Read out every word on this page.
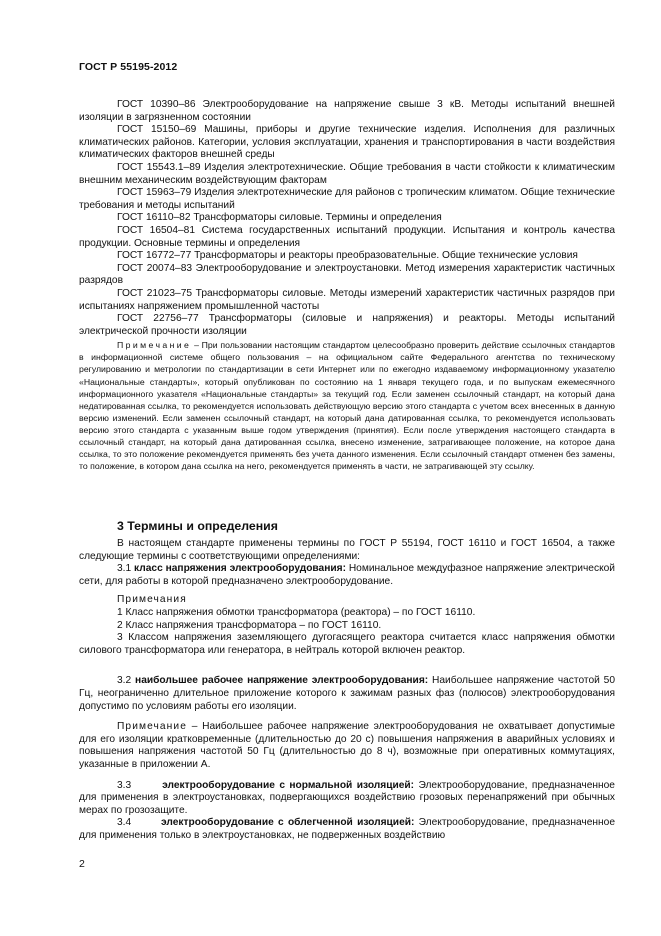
ГОСТ Р 55195-2012

ГОСТ 10390–86 Электрооборудование на напряжение свыше 3 кВ. Методы испытаний внешней изоляции в загрязненном состоянии

ГОСТ 15150–69 Машины, приборы и другие технические изделия. Исполнения для различных климатических районов. Категории, условия эксплуатации, хранения и транспортирования в части воздействия климатических факторов внешней среды

ГОСТ 15543.1–89 Изделия электротехнические. Общие требования в части стойкости к климатическим внешним механическим воздействующим факторам

ГОСТ 15963–79 Изделия электротехнические для районов с тропическим климатом. Общие технические требования и методы испытаний

ГОСТ 16110–82 Трансформаторы силовые. Термины и определения

ГОСТ 16504–81 Система государственных испытаний продукции. Испытания и контроль качества продукции. Основные термины и определения

ГОСТ 16772–77 Трансформаторы и реакторы преобразовательные. Общие технические условия

ГОСТ 20074–83 Электрооборудование и электроустановки. Метод измерения характеристик частичных разрядов

ГОСТ 21023–75 Трансформаторы силовые. Методы измерений характеристик частичных разрядов при испытаниях напряжением промышленной частоты

ГОСТ 22756–77 Трансформаторы (силовые и напряжения) и реакторы. Методы испытаний электрической прочности изоляции

Примечание – При пользовании настоящим стандартом целесообразно проверить действие ссылочных стандартов в информационной системе общего пользования – на официальном сайте Федерального агентства по техническому регулированию и метрологии по стандартизации в сети Интернет или по ежегодно издаваемому информационному указателю «Национальные стандарты», который опубликован по состоянию на 1 января текущего года, и по выпускам ежемесячного информационного указателя «Национальные стандарты» за текущий год. Если заменен ссылочный стандарт, на который дана недатированная ссылка, то рекомендуется использовать действующую версию этого стандарта с учетом всех внесенных в данную версию изменений. Если заменен ссылочный стандарт, на который дана датированная ссылка, то рекомендуется использовать версию этого стандарта с указанным выше годом утверждения (принятия). Если после утверждения настоящего стандарта в ссылочный стандарт, на который дана датированная ссылка, внесено изменение, затрагивающее положение, на которое дана ссылка, то это положение рекомендуется применять без учета данного изменения. Если ссылочный стандарт отменен без замены, то положение, в котором дана ссылка на него, рекомендуется применять в части, не затрагивающей эту ссылку.

3 Термины и определения

В настоящем стандарте применены термины по ГОСТ Р 55194, ГОСТ 16110 и ГОСТ 16504, а также следующие термины с соответствующими определениями:

3.1 класс напряжения электрооборудования: Номинальное междуфазное напряжение электрической сети, для работы в которой предназначено электрооборудование.

Примечания

1 Класс напряжения обмотки трансформатора (реактора) – по ГОСТ 16110.

2 Класс напряжения трансформатора – по ГОСТ 16110.

3 Классом напряжения заземляющего дугогасящего реактора считается класс напряжения обмотки силового трансформатора или генератора, в нейтраль которой включен реактор.

3.2 наибольшее рабочее напряжение электрооборудования: Наибольшее напряжение частотой 50 Гц, неограниченно длительное приложение которого к зажимам разных фаз (полюсов) электрооборудования допустимо по условиям работы его изоляции.

Примечание – Наибольшее рабочее напряжение электрооборудования не охватывает допустимые для его изоляции кратковременные (длительностью до 20 с) повышения напряжения в аварийных условиях и повышения напряжения частотой 50 Гц (длительностью до 8 ч), возможные при оперативных коммутациях, указанные в приложении А.

3.3	электрооборудование с нормальной изоляцией: Электрооборудование, предназначенное для применения в электроустановках, подвергающихся воздействию грозовых перенапряжений при обычных мерах по грозозащите.

3.4	электрооборудование с облегченной изоляцией: Электрооборудование, предназначенное для применения только в электроустановках, не подверженных воздействию

2
